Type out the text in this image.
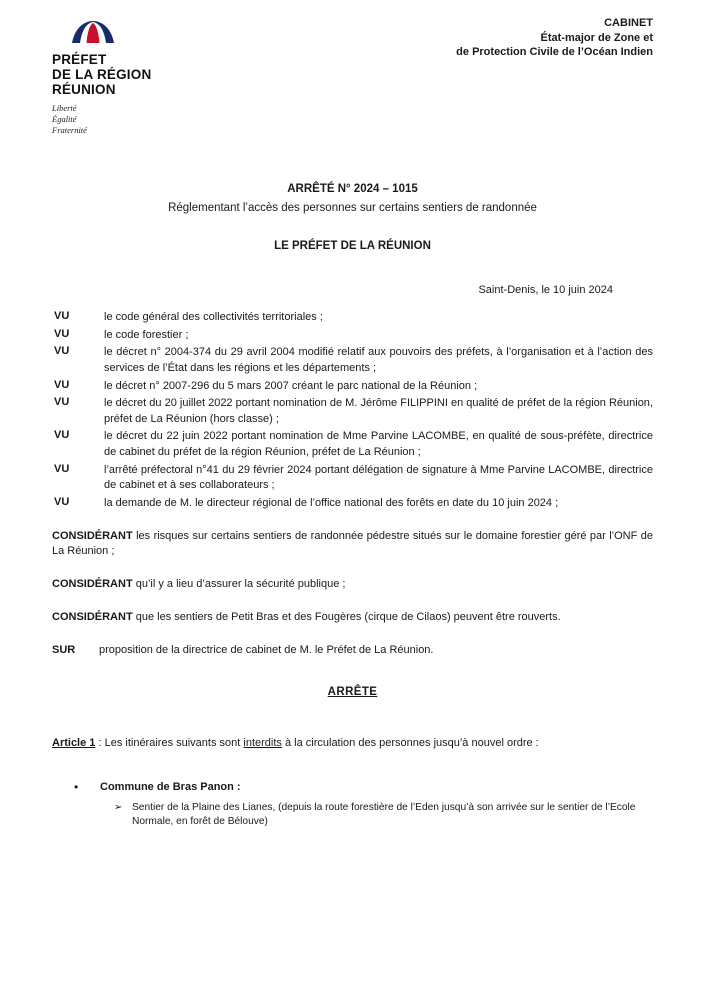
PRÉFET
DE LA RÉGION
RÉUNION
Liberté
Égalité
Fraternité
CABINET
État-major de Zone et
de Protection Civile de l’Océan Indien
ARRÊTÉ N° 2024 – 1015
Réglementant l’accès des personnes sur certains sentiers de randonnée
LE PRÉFET DE LA RÉUNION
Saint-Denis, le 10 juin 2024
VU	le code général des collectivités territoriales ;
VU	le code forestier ;
VU	le décret n° 2004-374 du 29 avril 2004 modifié relatif aux pouvoirs des préfets, à l’organisation et à l’action des services de l’État dans les régions et les départements ;
VU	le décret n° 2007-296 du 5 mars 2007 créant le parc national de la Réunion ;
VU	le décret du 20 juillet 2022 portant nomination de M. Jérôme FILIPPINI en qualité de préfet de la région Réunion, préfet de La Réunion (hors classe) ;
VU	le décret du 22 juin 2022 portant nomination de Mme Parvine LACOMBE, en qualité de sous-préfète, directrice de cabinet du préfet de la région Réunion, préfet de La Réunion ;
VU	l’arrêté préfectoral n°41 du 29 février 2024 portant délégation de signature à Mme Parvine LACOMBE, directrice de cabinet et à ses collaborateurs ;
VU	la demande de M. le directeur régional de l’office national des forêts en date du 10 juin 2024 ;
CONSIDÉRANT les risques sur certains sentiers de randonnée pédestre situés sur le domaine forestier géré par l’ONF de La Réunion ;
CONSIDÉRANT qu’il y a lieu d’assurer la sécurité publique ;
CONSIDÉRANT que les sentiers de Petit Bras et des Fougères (cirque de Cilaos) peuvent être rouverts.
SUR	proposition de la directrice de cabinet de M. le Préfet de La Réunion.
ARRÊTE
Article 1 : Les itinéraires suivants sont interdits à la circulation des personnes jusqu’à nouvel ordre :
•	Commune de Bras Panon :
➢ Sentier de la Plaine des Lianes, (depuis la route forestière de l’Eden jusqu’à son arrivée sur le sentier de l’Ecole Normale, en forêt de Bélouve)
